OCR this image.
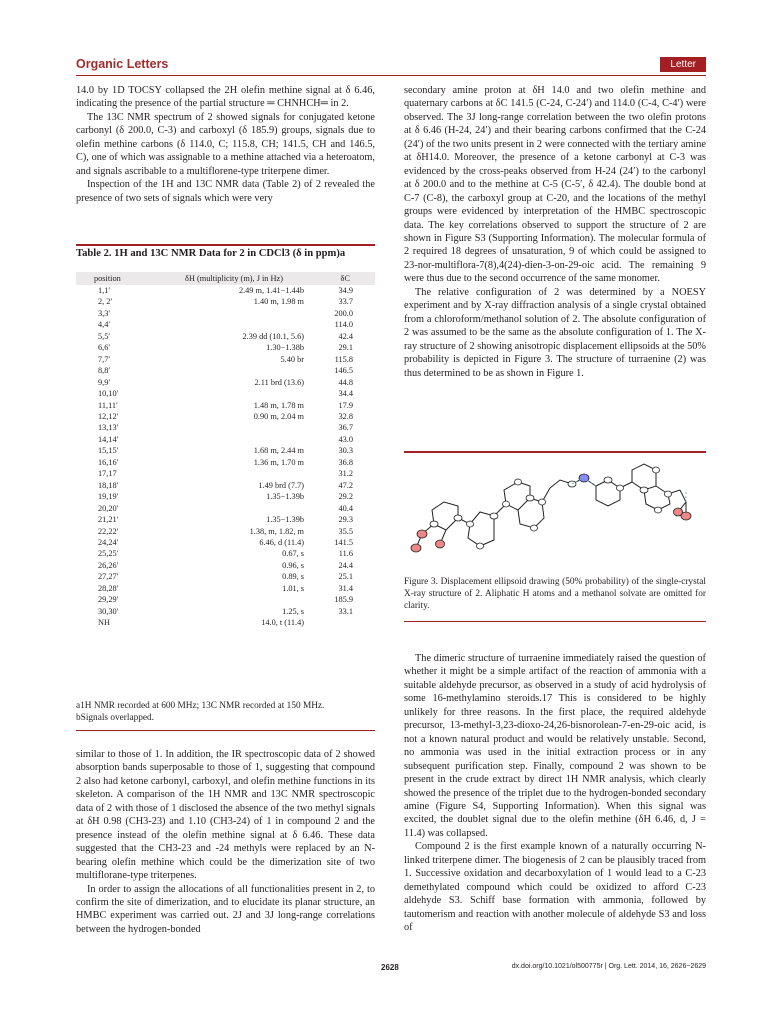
Organic Letters	Letter

14.0 by 1D TOCSY collapsed the 2H olefin methine signal at δ 6.46, indicating the presence of the partial structure ═ CHNHCH═ in 2.

The 13C NMR spectrum of 2 showed signals for conjugated ketone carbonyl (δ 200.0, C-3) and carboxyl (δ 185.9) groups, signals due to olefin methine carbons (δ 114.0, C; 115.8, CH; 141.5, CH and 146.5, C), one of which was assignable to a methine attached via a heteroatom, and signals ascribable to a multiflorene-type triterpene dimer.

Inspection of the 1H and 13C NMR data (Table 2) of 2 revealed the presence of two sets of signals which were very

Table 2. 1H and 13C NMR Data for 2 in CDCl3 (δ in ppm)a
position	δH (multiplicity (m), J in Hz)	δC
1,1′	2.49 m, 1.41−1.44b	34.9
2, 2′	1.40 m, 1.98 m	33.7
3,3′		200.0
4,4′		114.0
5,5′	2.39 dd (10.1, 5.6)	42.4
6,6′	1.30−1.38b	29.1
7,7′	5.40 br	115.8
8,8′		146.5
9,9′	2.11 brd (13.6)	44.8
10,10′		34.4
11,11′	1.48 m, 1.78 m	17.9
12,12′	0.90 m, 2.04 m	32.8
13,13′		36.7
14,14′		43.0
15,15′	1.68 m, 2.44 m	30.3
16,16′	1.36 m, 1.70 m	36.8
17,17		31.2
18,18′	1.49 brd (7.7)	47.2
19,19′	1.35−1.39b	29.2
20,20′		40.4
21,21′	1.35−1.39b	29.3
22,22′	1.38, m, 1.82, m	35.5
24,24′	6.46, d (11.4)	141.5
25,25′	0.67, s	11.6
26,26′	0.96, s	24.4
27,27′	0.89, s	25.1
28,28′	1.01, s	31.4
29,29′		185.9
30,30′	1.25, s	33.1
NH	14.0, t (11.4)	
a1H NMR recorded at 600 MHz; 13C NMR recorded at 150 MHz.
bSignals overlapped.

similar to those of 1. In addition, the IR spectroscopic data of 2 showed absorption bands superposable to those of 1, suggesting that compound 2 also had ketone carbonyl, carboxyl, and olefin methine functions in its skeleton. A comparison of the 1H NMR and 13C NMR spectroscopic data of 2 with those of 1 disclosed the absence of the two methyl signals at δH 0.98 (CH3-23) and 1.10 (CH3-24) of 1 in compound 2 and the presence instead of the olefin methine signal at δ 6.46. These data suggested that the CH3-23 and -24 methyls were replaced by an N-bearing olefin methine which could be the dimerization site of two multiflorane-type triterpenes.

In order to assign the allocations of all functionalities present in 2, to confirm the site of dimerization, and to elucidate its planar structure, an HMBC experiment was carried out. 2J and 3J long-range correlations between the hydrogen-bonded

secondary amine proton at δH 14.0 and two olefin methine and quaternary carbons at δC 141.5 (C-24, C-24′) and 114.0 (C-4, C-4′) were observed. The 3J long-range correlation between the two olefin protons at δ 6.46 (H-24, 24′) and their bearing carbons confirmed that the C-24 (24′) of the two units present in 2 were connected with the tertiary amine at δH14.0. Moreover, the presence of a ketone carbonyl at C-3 was evidenced by the cross-peaks observed from H-24 (24′) to the carbonyl at δ 200.0 and to the methine at C-5 (C-5′, δ 42.4). The double bond at C-7 (C-8), the carboxyl group at C-20, and the locations of the methyl groups were evidenced by interpretation of the HMBC spectroscopic data. The key correlations observed to support the structure of 2 are shown in Figure S3 (Supporting Information). The molecular formula of 2 required 18 degrees of unsaturation, 9 of which could be assigned to 23-nor-multiflora-7(8),4(24)-dien-3-on-29-oic acid. The remaining 9 were thus due to the second occurrence of the same monomer.

The relative configuration of 2 was determined by a NOESY experiment and by X-ray diffraction analysis of a single crystal obtained from a chloroform/methanol solution of 2. The absolute configuration of 2 was assumed to be the same as the absolute configuration of 1. The X-ray structure of 2 showing anisotropic displacement ellipsoids at the 50% probability is depicted in Figure 3. The structure of turraenine (2) was thus determined to be as shown in Figure 1.

Figure 3. Displacement ellipsoid drawing (50% probability) of the single-crystal X-ray structure of 2. Aliphatic H atoms and a methanol solvate are omitted for clarity.

The dimeric structure of turraenine immediately raised the question of whether it might be a simple artifact of the reaction of ammonia with a suitable aldehyde precursor, as observed in a study of acid hydrolysis of some 16-methylamino steroids.17 This is considered to be highly unlikely for three reasons. In the first place, the required aldehyde precursor, 13-methyl-3,23-dioxo-24,26-bisnorolean-7-en-29-oic acid, is not a known natural product and would be relatively unstable. Second, no ammonia was used in the initial extraction process or in any subsequent purification step. Finally, compound 2 was shown to be present in the crude extract by direct 1H NMR analysis, which clearly showed the presence of the triplet due to the hydrogen-bonded secondary amine (Figure S4, Supporting Information). When this signal was excited, the doublet signal due to the olefin methine (δH 6.46, d, J = 11.4) was collapsed.

Compound 2 is the first example known of a naturally occurring N-linked triterpene dimer. The biogenesis of 2 can be plausibly traced from 1. Successive oxidation and decarboxylation of 1 would lead to a C-23 demethylated compound which could be oxidized to afford C-23 aldehyde S3. Schiff base formation with ammonia, followed by tautomerism and reaction with another molecule of aldehyde S3 and loss of

2628	dx.doi.org/10.1021/ol500775r | Org. Lett. 2014, 16, 2626−2629
